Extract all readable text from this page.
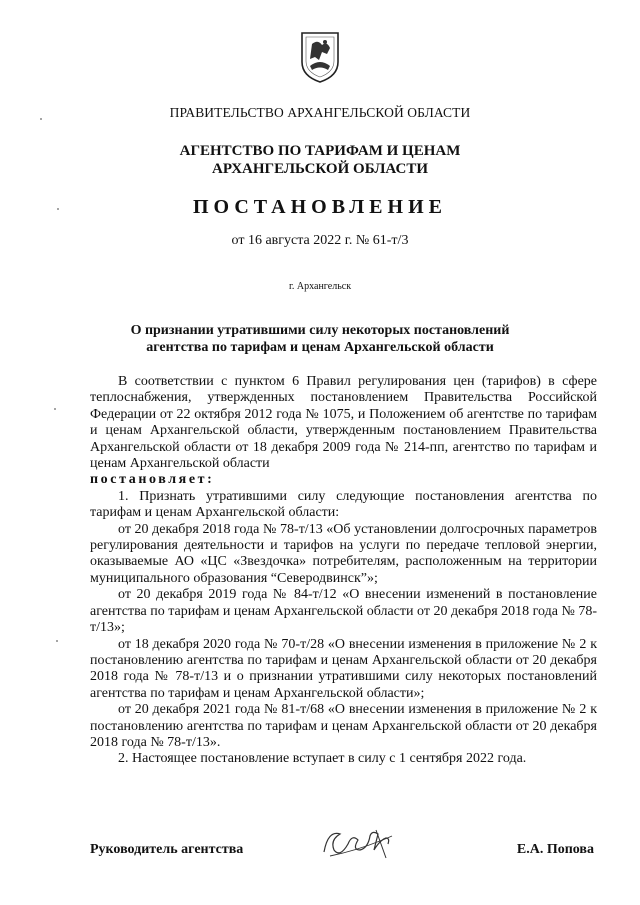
ПРАВИТЕЛЬСТВО АРХАНГЕЛЬСКОЙ ОБЛАСТИ
АГЕНТСТВО ПО ТАРИФАМ И ЦЕНАМ
АРХАНГЕЛЬСКОЙ ОБЛАСТИ
ПОСТАНОВЛЕНИЕ
от 16 августа 2022 г. № 61-т/3
г. Архангельск
О признании утратившими силу некоторых постановлений
агентства по тарифам и ценам Архангельской области

В соответствии с пунктом 6 Правил регулирования цен (тарифов) в сфере теплоснабжения, утвержденных постановлением Правительства Российской Федерации от 22 октября 2012 года № 1075, и Положением об агентстве по тарифам и ценам Архангельской области, утвержденным постановлением Правительства Архангельской области от 18 декабря 2009 года № 214-пп, агентство по тарифам и ценам Архангельской области

постановляет:

1. Признать утратившими силу следующие постановления агентства по тарифам и ценам Архангельской области:

от 20 декабря 2018 года № 78-т/13 «Об установлении долгосрочных параметров регулирования деятельности и тарифов на услуги по передаче тепловой энергии, оказываемые АО «ЦС «Звездочка» потребителям, расположенным на территории муниципального образования “Северодвинск”»;

от 20 декабря 2019 года № 84-т/12 «О внесении изменений в постановление агентства по тарифам и ценам Архангельской области от 20 декабря 2018 года № 78-т/13»;

от 18 декабря 2020 года № 70-т/28 «О внесении изменения в приложение № 2 к постановлению агентства по тарифам и ценам Архангельской области от 20 декабря 2018 года № 78-т/13 и о признании утратившими силу некоторых постановлений агентства по тарифам и ценам Архангельской области»;

от 20 декабря 2021 года № 81-т/68 «О внесении изменения в приложение № 2 к постановлению агентства по тарифам и ценам Архангельской области от 20 декабря 2018 года № 78-т/13».

2. Настоящее постановление вступает в силу с 1 сентября 2022 года.

Руководитель агентства	Е.А. Попова
